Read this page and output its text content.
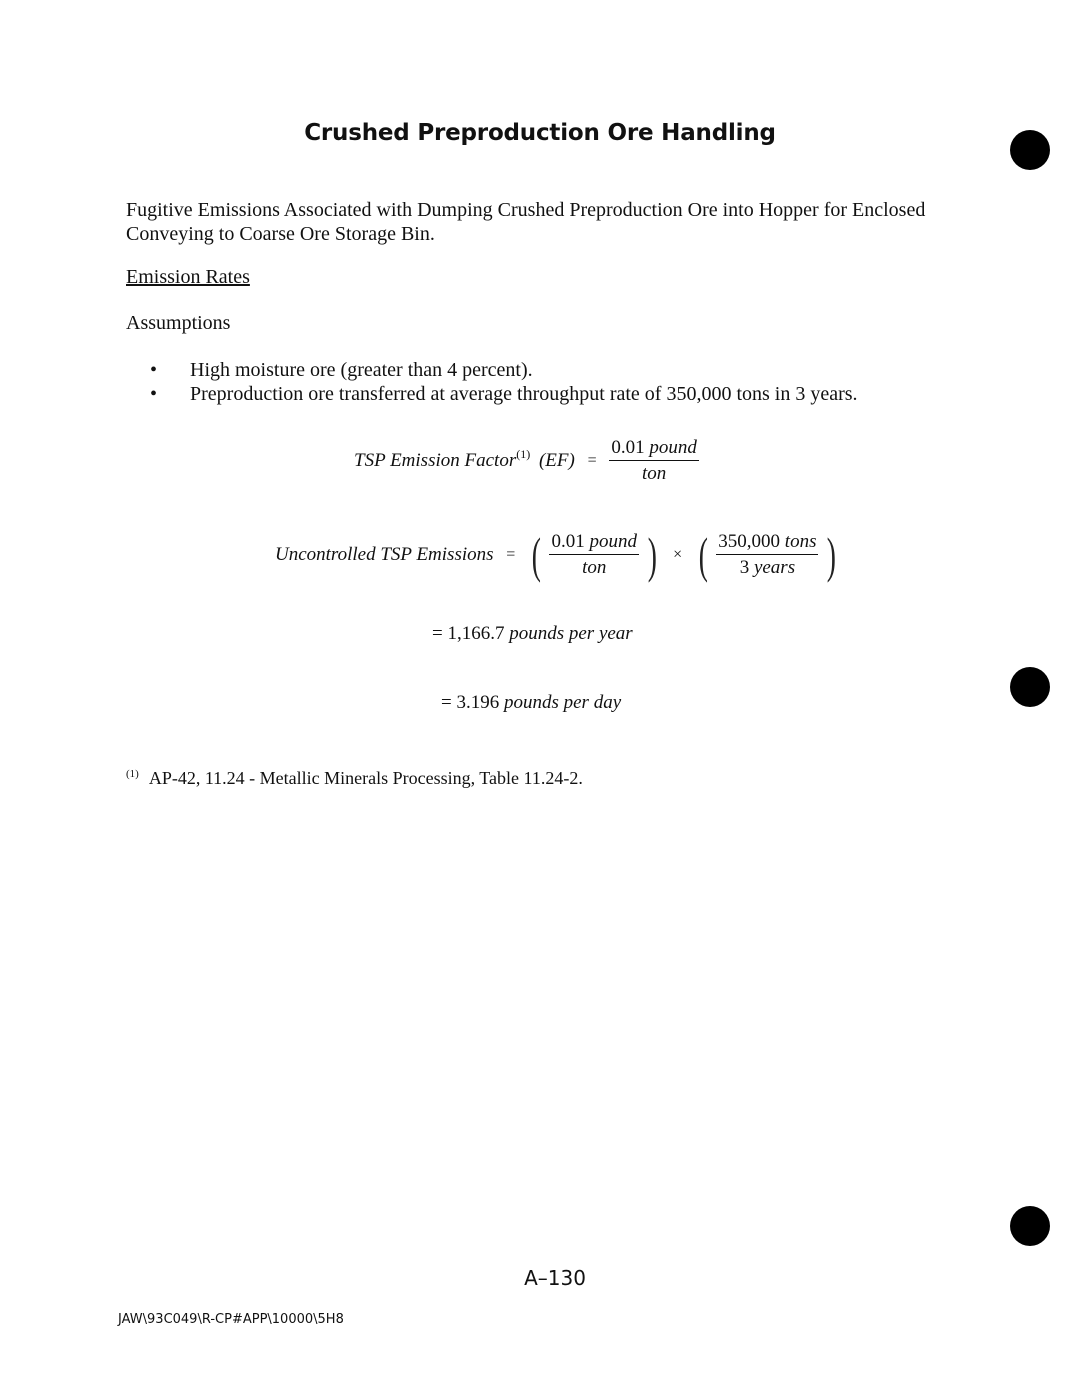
Crushed Preproduction Ore Handling
Fugitive Emissions Associated with Dumping Crushed Preproduction Ore into Hopper for Enclosed Conveying to Coarse Ore Storage Bin.
Emission Rates
Assumptions
• High moisture ore (greater than 4 percent).
• Preproduction ore transferred at average throughput rate of 350,000 tons in 3 years.
TSP Emission Factor$^{(1)}$ $(EF) = \frac{\text{0.01 pound}}{\text{ton}}$
Uncontrolled TSP Emissions = ( $\frac{\text{0.01 pound}}{\text{ton}}$ ) × ( $\frac{\text{350,000 tons}}{\text{3 years}}$ )
= 1,166.7 pounds per year
= 3.196 pounds per day
$^{(1)}$ AP-42, 11.24 - Metallic Minerals Processing, Table 11.24-2.
A–130
JAW\93C049\R-CP#APP\10000\5H8
